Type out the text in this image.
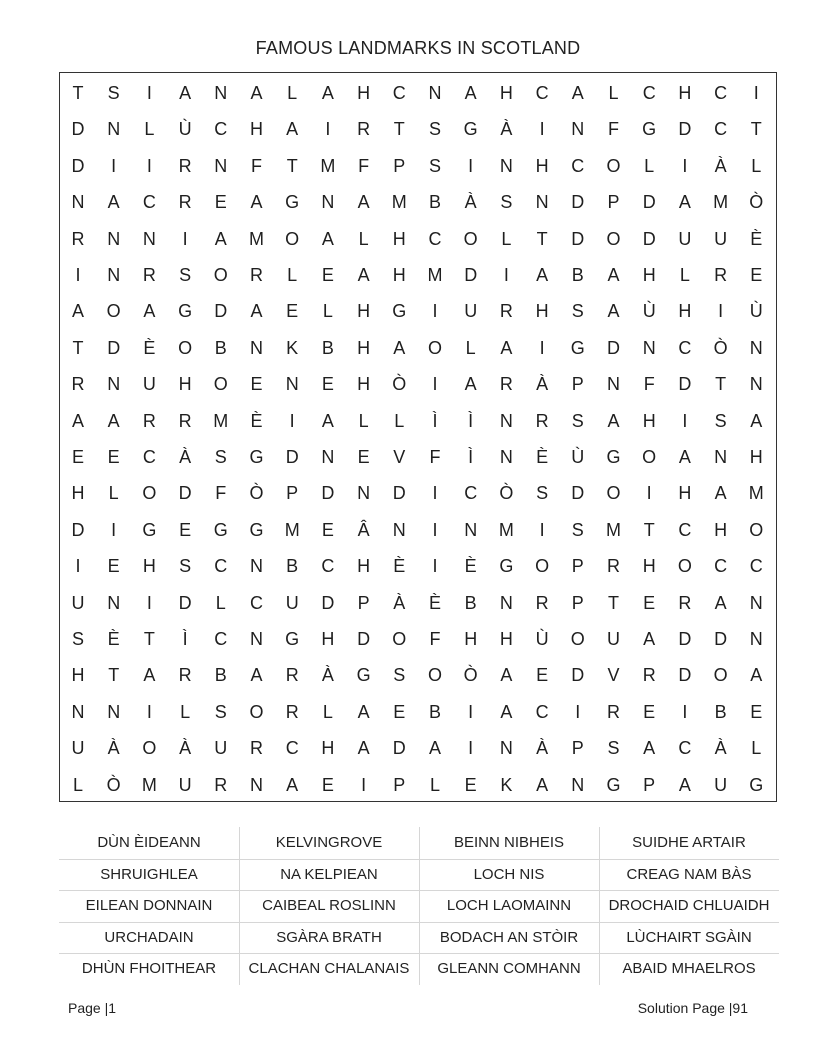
FAMOUS LANDMARKS IN SCOTLAND
T	S	I	A	N	A	L	A	H	C	N	A	H	C	A	L	C	H	C	I
D	N	L	Ù	C	H	A	I	R	T	S	G	À	I	N	F	G	D	C	T
D	I	I	R	N	F	T	M	F	P	S	I	N	H	C	O	L	I	À	L
N	A	C	R	E	A	G	N	A	M	B	À	S	N	D	P	D	A	M	Ò
R	N	N	I	A	M	O	A	L	H	C	O	L	T	D	O	D	U	U	È
I	N	R	S	O	R	L	E	A	H	M	D	I	A	B	A	H	L	R	E
A	O	A	G	D	A	E	L	H	G	I	U	R	H	S	A	Ù	H	I	Ù
T	D	È	O	B	N	K	B	H	A	O	L	A	I	G	D	N	C	Ò	N
R	N	U	H	O	E	N	E	H	Ò	I	A	R	À	P	N	F	D	T	N
A	A	R	R	M	È	I	A	L	L	Ì	Ì	N	R	S	A	H	I	S	A
E	E	C	À	S	G	D	N	E	V	F	Ì	N	È	Ù	G	O	A	N	H
H	L	O	D	F	Ò	P	D	N	D	I	C	Ò	S	D	O	I	H	A	M
D	I	G	E	G	G	M	E	Â	N	I	N	M	I	S	M	T	C	H	O
I	E	H	S	C	N	B	C	H	È	I	È	G	O	P	R	H	O	C	C
U	N	I	D	L	C	U	D	P	À	È	B	N	R	P	T	E	R	A	N
S	È	T	Ì	C	N	G	H	D	O	F	H	H	Ù	O	U	A	D	D	N
H	T	A	R	B	A	R	À	G	S	O	Ò	A	E	D	V	R	D	O	A
N	N	I	L	S	O	R	L	A	E	B	I	A	C	I	R	E	I	B	E
U	À	O	À	U	R	C	H	A	D	A	I	N	À	P	S	A	C	À	L
L	Ò	M	U	R	N	A	E	I	P	L	E	K	A	N	G	P	A	U	G
DÙN ÈIDEANN	KELVINGROVE	BEINN NIBHEIS	SUIDHE ARTAIR
SHRUIGHLEA	NA KELPIEAN	LOCH NIS	CREAG NAM BÀS
EILEAN DONNAIN	CAIBEAL ROSLINN	LOCH LAOMAINN	DROCHAID CHLUAIDH
URCHADAIN	SGÀRA BRATH	BODACH AN STÒIR	LÙCHAIRT SGÀIN
DHÙN FHOITHEAR	CLACHAN CHALANAIS	GLEANN COMHANN	ABAID MHAELROS
Page |1	Solution Page |91
